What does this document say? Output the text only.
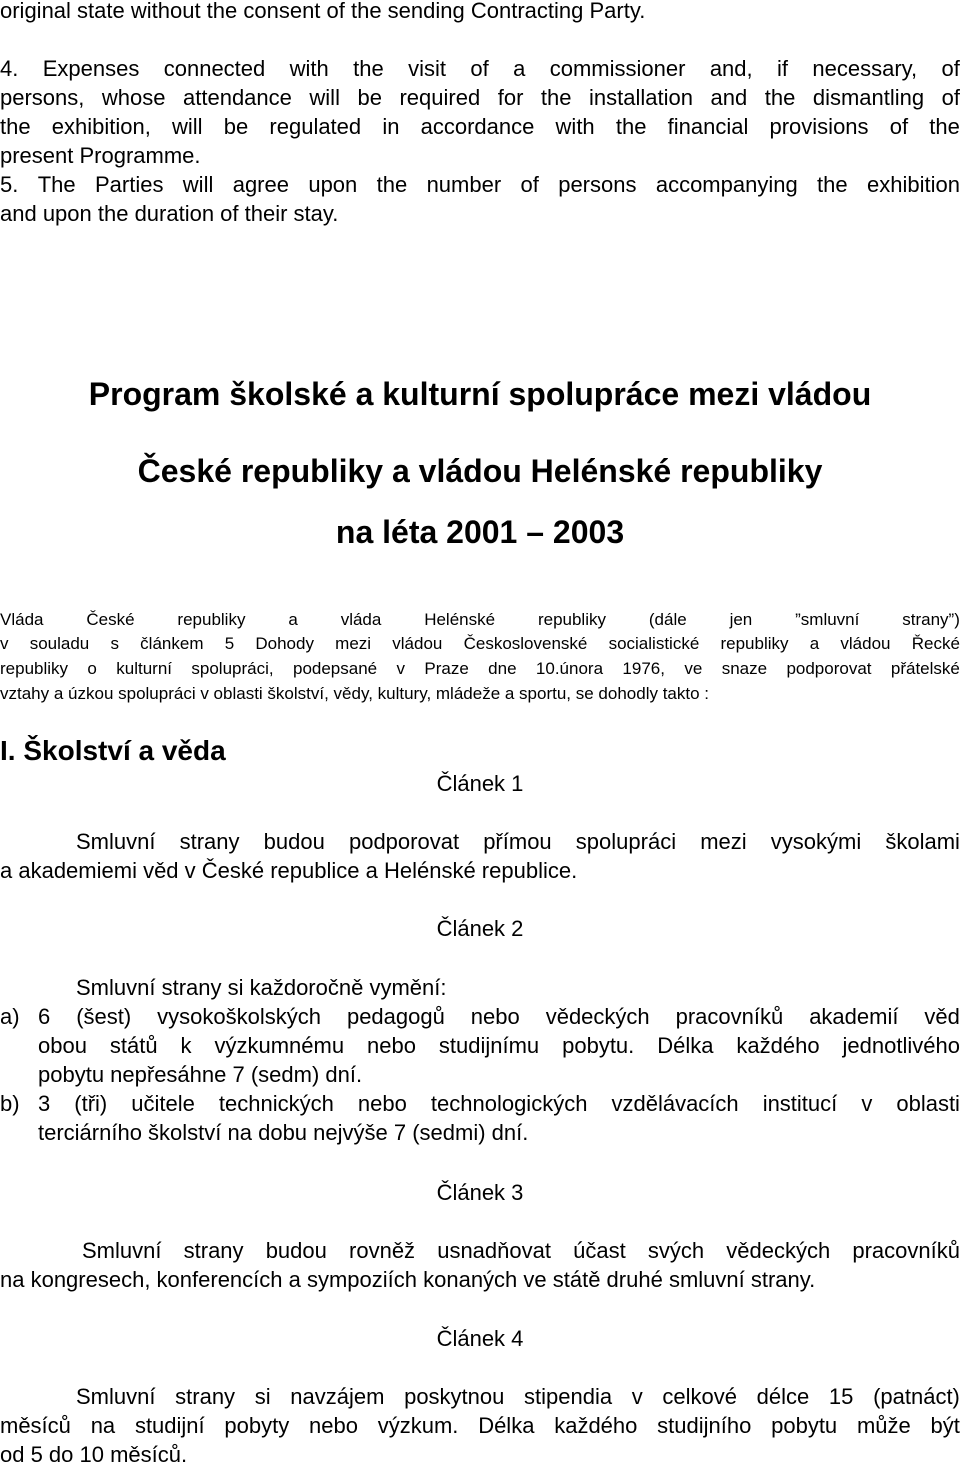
original state without the consent of the sending Contracting Party.
4. Expenses connected with the visit of a commissioner and, if necessary, of
persons, whose attendance will be required for the installation and the dismantling of
the exhibition, will be regulated in accordance with the financial provisions of the
present Programme.
5. The Parties will agree upon the number of persons accompanying the exhibition
and upon the duration of their stay.
Program školské a kulturní spolupráce mezi vládou
České republiky a vládou Helénské republiky
na léta 2001 – 2003
Vláda	České	republiky	a	vláda	Helénské	republiky	(dále	jen	”smluvní	strany”)
v souladu s článkem 5 Dohody mezi vládou Československé socialistické republiky a vládou Řecké
republiky o kulturní spolupráci, podepsané v Praze dne 10.února 1976, ve snaze podporovat přátelské
vztahy a úzkou spolupráci v oblasti školství, vědy, kultury, mládeže a sportu, se dohodly takto :
I. Školství a věda
Článek 1
Smluvní strany budou podporovat přímou spolupráci mezi vysokými školami
a akademiemi věd v České republice a Helénské republice.
Článek 2
Smluvní strany si každoročně vymění:
a) 6 (šest) vysokoškolských pedagogů nebo vědeckých pracovníků akademií věd
obou států k výzkumnému nebo studijnímu pobytu. Délka každého jednotlivého
pobytu nepřesáhne 7 (sedm) dní.
b) 3 (tři) učitele technických nebo technologických vzdělávacích institucí v oblasti
terciárního školství na dobu nejvýše 7 (sedmi) dní.
Článek 3
Smluvní strany budou rovněž usnadňovat účast svých vědeckých pracovníků
na kongresech, konferencích a sympoziích konaných ve státě druhé smluvní strany.
Článek 4
Smluvní strany si navzájem poskytnou stipendia v celkové délce 15 (patnáct)
měsíců na studijní pobyty nebo výzkum. Délka každého studijního pobytu může být
od 5 do 10 měsíců.
